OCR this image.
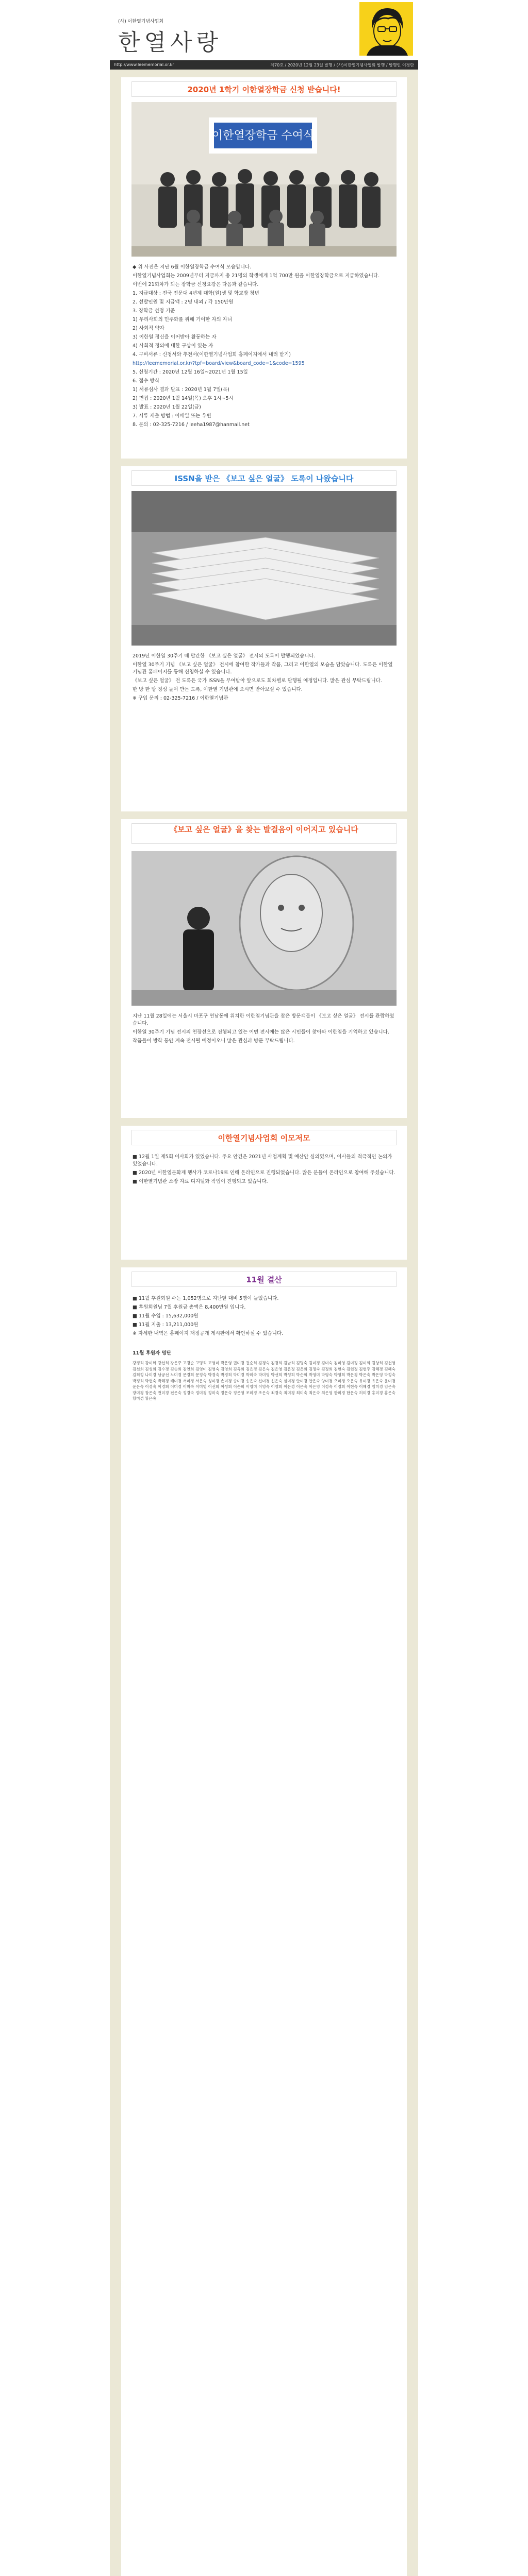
(사) 이한열기념사업회
한열사랑
http://www.leememorial.or.kr	제70호 / 2020년 12월 23일 발행 / (사)이한열기념사업회 발행 / 발행인 이경란
2020년 1학기 이한열장학금 신청 받습니다!
이한열장학금 수여식

◆ 위 사진은 지난 6월 이한열장학금 수여식 모습입니다.

이한열기념사업회는 2009년부터 지금까지 총 21명의 학생에게 1억 700만 원을 이한열장학금으로 지급하였습니다.

이번에 21회차가 되는 장학금 신청요강은 다음과 같습니다.

1. 지급대상 : 전국 전문대 4년제 대학(원)생 및 학교밖 청년

2. 선발인원 및 지급액 : 2명 내외 / 각 150만원

3. 장학금 선정 기준

1) 우리사회의 민주화를 위해 기여한 자의 자녀

2) 사회적 약자

3) 이한열 정신을 이어받아 활동하는 자

4) 사회적 정의에 대한 구상이 있는 자

4. 구비서류 : 신청서와 추천서(이한열기념사업회 홈페이지에서 내려 받기)

http://leememorial.or.kr/?tpf=board/view&board_code=1&code=1595

5. 신청기간 : 2020년 12월 16일~2021년 1월 15일

6. 접수 방식

1) 서류심사 결과 발표 : 2020년 1월 7일(목)

2) 면접 : 2020년 1월 14일(목) 오후 1시~5시

3) 발표 : 2020년 1월 22일(금)

7. 서류 제출 방법 : 이메일 또는 우편

8. 문의 : 02-325-7216 / leeha1987@hanmail.net

ISSN을 받은 《보고 싶은 얼굴》 도록이 나왔습니다

2019년 이한열 30주기 때 발간한 《보고 싶은 얼굴》 전시의 도록이 발행되었습니다.

이한열 30주기 기념 《보고 싶은 얼굴》 전시에 참여한 작가들과 작품, 그리고 이한열의 모습을 담았습니다. 도록은 이한열기념관 홈페이지를 통해 신청하실 수 있습니다.

《보고 싶은 얼굴》 전 도록은 국가 ISSN을 부여받아 앞으로도 회차별로 발행될 예정입니다. 많은 관심 부탁드립니다.

한 방 한 방 정성 들여 만든 도록, 이한열 기념관에 오시면 받아보실 수 있습니다.

※ 구입 문의 : 02-325-7216 / 이한열기념관

《보고 싶은 얼굴》을 찾는 발걸음이 이어지고 있습니다

지난 11월 28일에는 서울시 마포구 연남동에 위치한 이한열기념관을 찾은 방문객들이 《보고 싶은 얼굴》 전시를 관람하였습니다.

이한열 30주기 기념 전시의 연장선으로 진행되고 있는 이번 전시에는 많은 시민들이 찾아와 이한열을 기억하고 있습니다.

작품들이 방학 동안 계속 전시될 예정이오니 많은 관심과 방문 부탁드립니다.

이한열기념사업회 이모저모

■ 12월 1일 제5회 이사회가 있었습니다. 주요 안건은 2021년 사업계획 및 예산안 심의였으며, 이사들의 적극적인 논의가 있었습니다.

■ 2020년 이한열문화제 행사가 코로나19로 인해 온라인으로 진행되었습니다. 많은 분들이 온라인으로 참여해 주셨습니다.

■ 이한열기념관 소장 자료 디지털화 작업이 진행되고 있습니다.

11월 결산

■ 11월 후원회원 수는 1,052명으로 지난달 대비 5명이 늘었습니다.

■ 후원회원님 7월 후원금 총액은 8,400만원 입니다.

■ 11월 수입 : 15,632,000원

■ 11월 지출 : 13,211,000원

※ 자세한 내역은 홈페이지 재정공개 게시판에서 확인하실 수 있습니다.

11월 후원자 명단
강경희 강미화 강선희 강은주 고경순 고명희 고영미 곽은영 권미경 권순희 김경숙 김경희 김남희 김명숙 김미경 김미숙 김미영 김미정 김미희 김상희 김선영 김선희 김성희 김수경 김순희 김연희 김영미 김영숙 김영희 김옥희 김은경 김은숙 김은영 김은정 김은희 김정숙 김정희 김현숙 김현정 김현주 김혜경 김혜숙 김희정 나미경 남궁선 노미경 문경희 문정숙 박경숙 박경희 박미경 박미숙 박미영 박선희 박성희 박순희 박영미 박영숙 박영희 박은경 박은숙 박은영 박정숙 박정희 박현숙 박혜경 배미경 서미경 서은숙 성미경 손미경 송미경 송은숙 신미경 신은숙 심미경 안미경 안은숙 양미경 오미경 오은숙 유미경 유은숙 윤미경 윤은숙 이경숙 이경희 이미경 이미숙 이미영 이선희 이성희 이순희 이영미 이영숙 이영희 이은경 이은숙 이은영 이정숙 이정희 이현숙 이혜경 임미경 임은숙 장미경 장은숙 전미경 전은숙 정경숙 정미경 정미숙 정은숙 정은영 조미경 조은숙 최경숙 최미경 최미숙 최은숙 최은영 한미경 한은숙 허미경 홍미경 홍은숙 황미경 황은숙
